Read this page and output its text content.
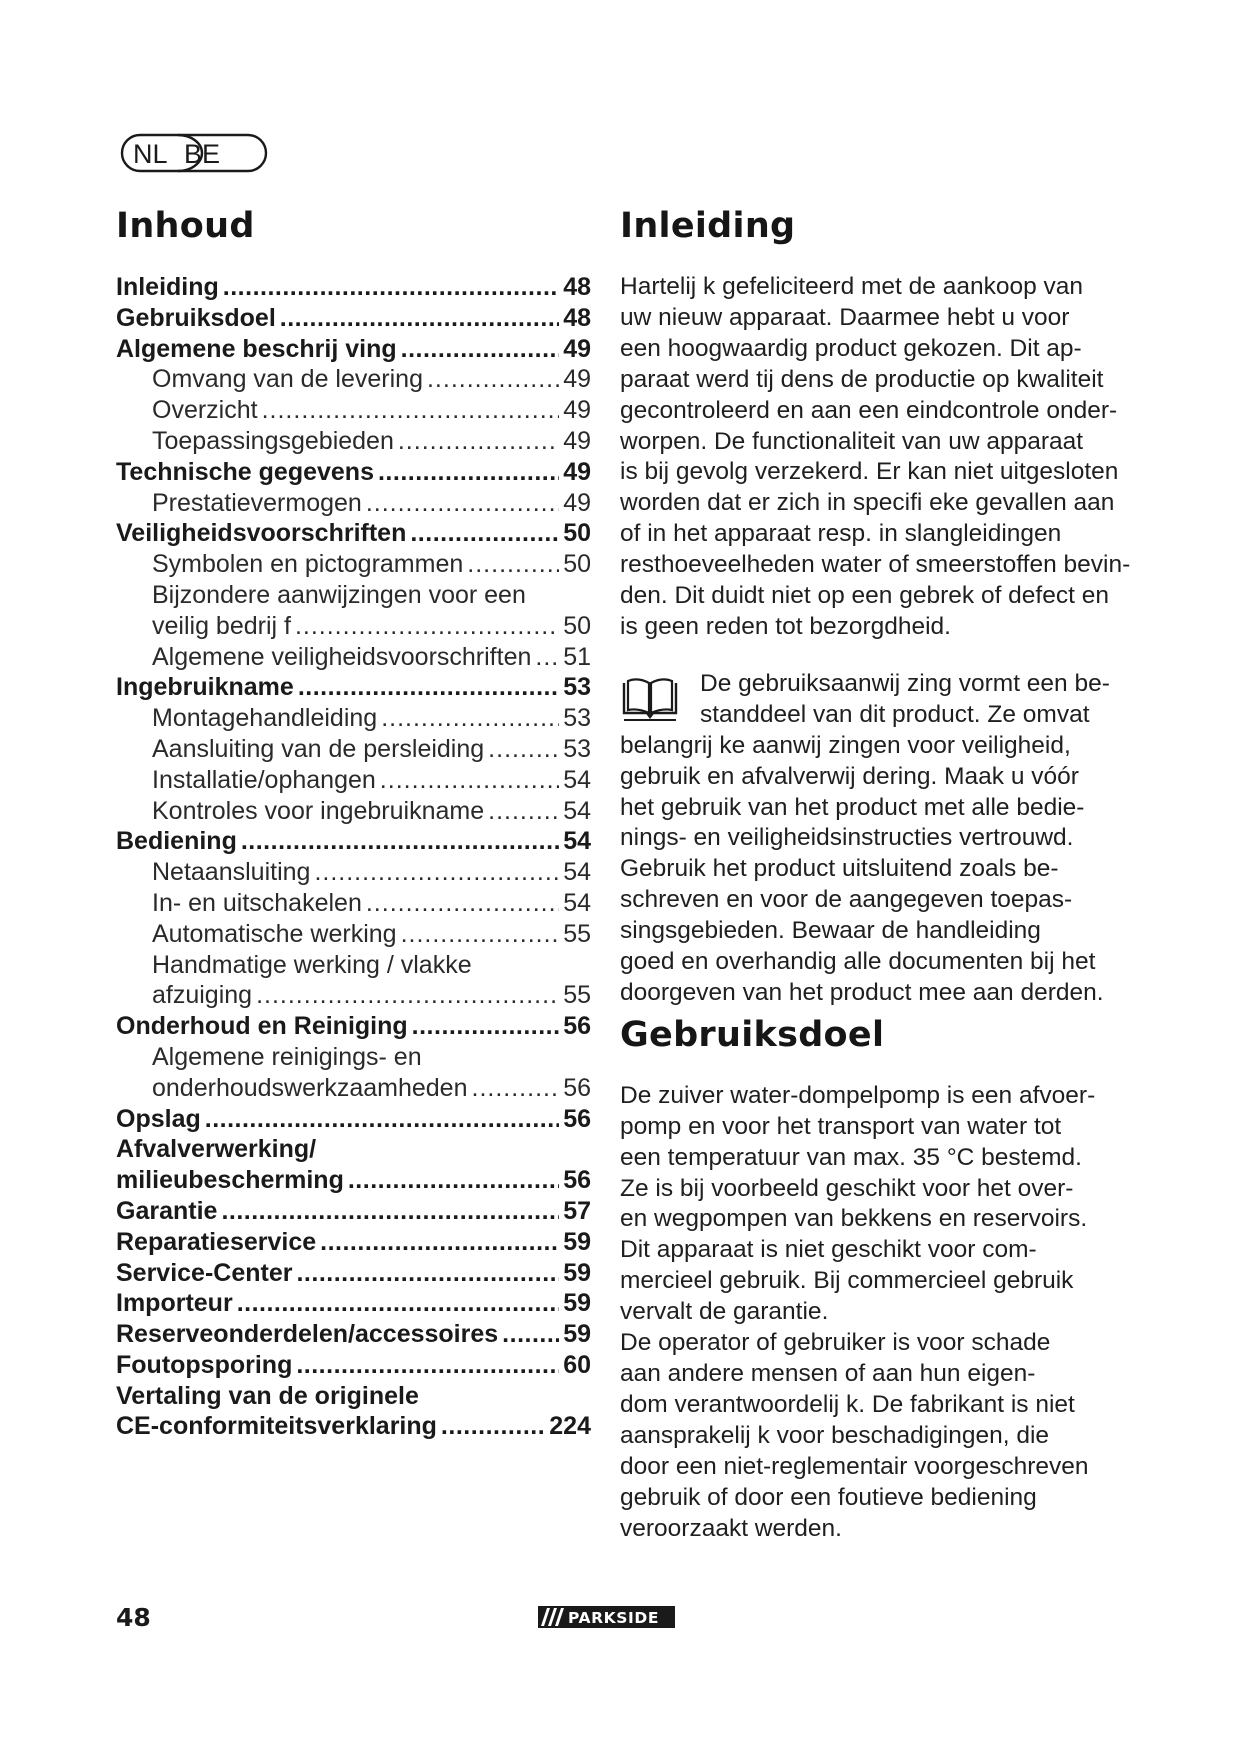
NL BE
Inhoud
Inleiding .....	48
Gebruiksdoel .....	48
Algemene beschrij ving .....	49
Omvang van de levering .....	49
Overzicht .....	49
Toepassingsgebieden .....	49
Technische gegevens .....	49
Prestatievermogen .....	49
Veiligheidsvoorschriften .....	50
Symbolen en pictogrammen .....	50
Bijzondere aanwijzingen voor een
veilig bedrij f .....	50
Algemene veiligheidsvoorschriften ..... 51
Ingebruikname .....	53
Montagehandleiding .....	53
Aansluiting van de persleiding .....	53
Installatie/ophangen .....	54
Kontroles voor ingebruikname .....	54
Bediening .....	54
Netaansluiting .....	54
In- en uitschakelen .....	54
Automatische werking .....	55
Handmatige werking / vlakke
afzuiging .....	55
Onderhoud en Reiniging .....	56
Algemene reinigings- en
onderhoudswerkzaamheden .....	56
Opslag .....	56
Afvalverwerking/
milieubescherming .....	56
Garantie .....	57
Reparatieservice .....	59
Service-Center .....	59
Importeur .....	59
Reserveonderdelen/accessoires .....	59
Foutopsporing .....	60
Vertaling van de originele
CE-conformiteitsverklaring .....	224
Inleiding

Hartelij k gefeliciteerd met de aankoop van
uw nieuw apparaat. Daarmee hebt u voor
een hoogwaardig product gekozen. Dit ap-
paraat werd tij dens de productie op kwaliteit
gecontroleerd en aan een eindcontrole onder-
worpen. De functionaliteit van uw apparaat
is bij gevolg verzekerd. Er kan niet uitgesloten
worden dat er zich in specifi eke gevallen aan
of in het apparaat resp. in slangleidingen
resthoeveelheden water of smeerstoffen bevin-
den. Dit duidt niet op een gebrek of defect en
is geen reden tot bezorgdheid.

De gebruiksaanwij zing vormt een be-
standdeel van dit product. Ze omvat

belangrij ke aanwij zingen voor veiligheid,
gebruik en afvalverwij dering. Maak u vóór
het gebruik van het product met alle bedie-
nings- en veiligheidsinstructies vertrouwd.
Gebruik het product uitsluitend zoals be-
schreven en voor de aangegeven toepas-
singsgebieden. Bewaar de handleiding
goed en overhandig alle documenten bij het
doorgeven van het product mee aan derden.

Gebruiksdoel

De zuiver water-dompelpomp is een afvoer-
pomp en voor het transport van water tot
een temperatuur van max. 35 °C bestemd.
Ze is bij voorbeeld geschikt voor het over-
en wegpompen van bekkens en reservoirs.
Dit apparaat is niet geschikt voor com-
mercieel gebruik. Bij commercieel gebruik
vervalt de garantie.
De operator of gebruiker is voor schade
aan andere mensen of aan hun eigen-
dom verantwoordelij k. De fabrikant is niet
aansprakelij k voor beschadigingen, die
door een niet-reglementair voorgeschreven
gebruik of door een foutieve bediening
veroorzaakt werden.

48	PARKSIDE
